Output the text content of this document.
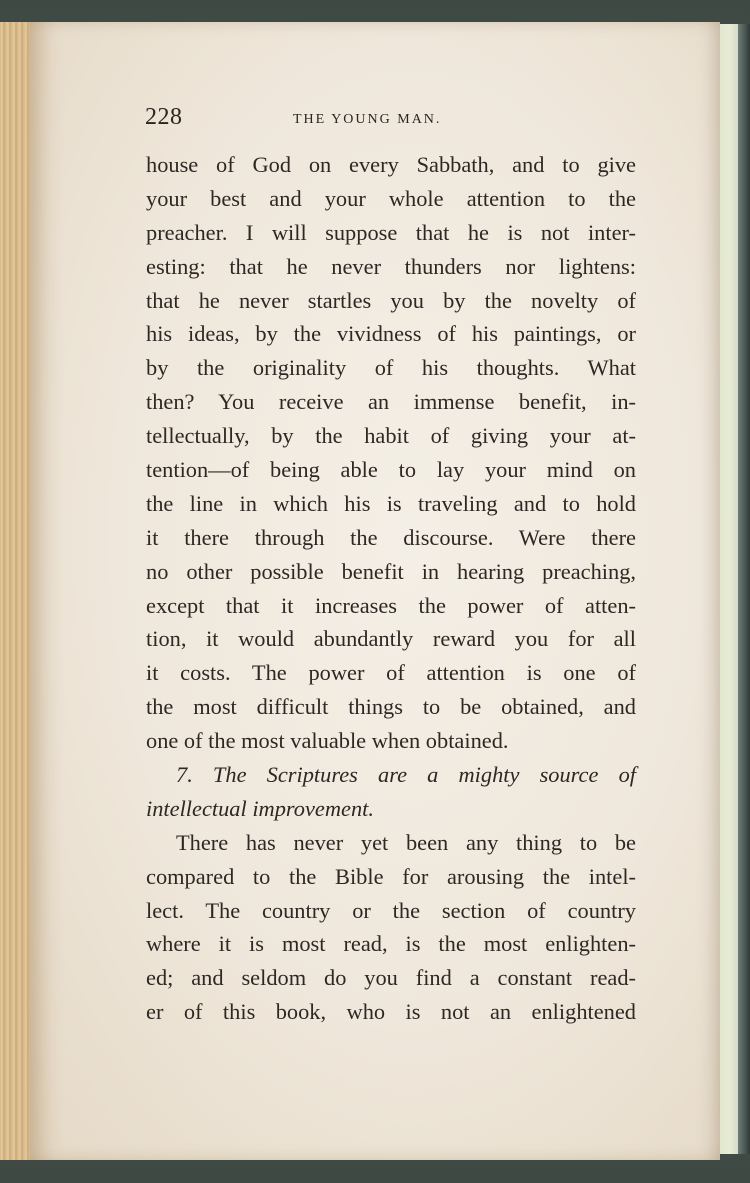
228	THE YOUNG MAN.
house of God on every Sabbath, and to give
your best and your whole attention to the
preacher. I will suppose that he is not inter-
esting: that he never thunders nor lightens:
that he never startles you by the novelty of
his ideas, by the vividness of his paintings, or
by the originality of his thoughts. What
then? You receive an immense benefit, in-
tellectually, by the habit of giving your at-
tention—of being able to lay your mind on
the line in which his is traveling and to hold
it there through the discourse. Were there
no other possible benefit in hearing preaching,
except that it increases the power of atten-
tion, it would abundantly reward you for all
it costs. The power of attention is one of
the most difficult things to be obtained, and
one of the most valuable when obtained.
7. The Scriptures are a mighty source of
intellectual improvement.
There has never yet been any thing to be
compared to the Bible for arousing the intel-
lect. The country or the section of country
where it is most read, is the most enlighten-
ed; and seldom do you find a constant read-
er of this book, who is not an enlightened
